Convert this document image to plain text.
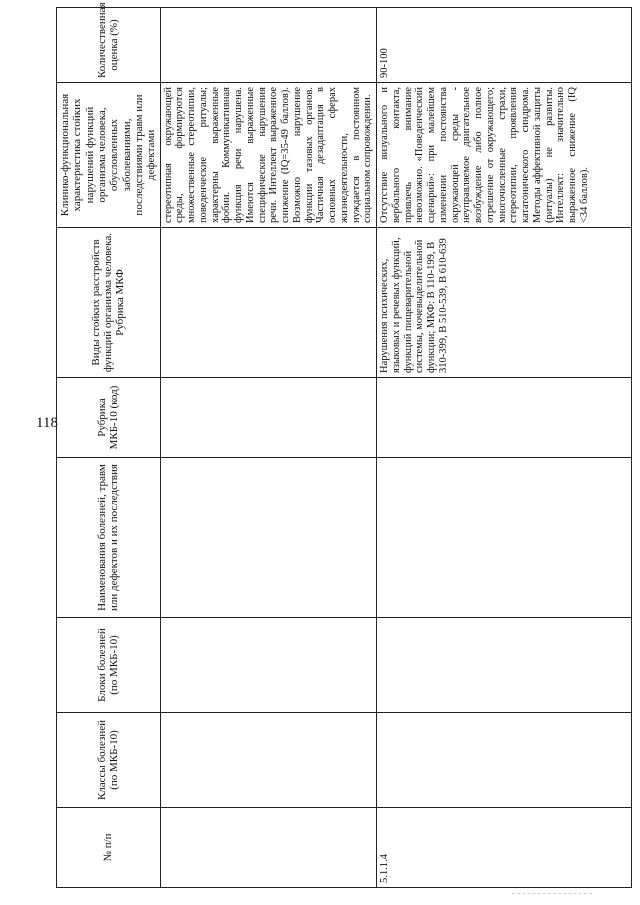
118
№ п/п	Классы болезней (по МКБ-10)	Блоки болезней (по МКБ-10)	Наименования болезней, травм или дефектов и их последствия	Рубрика МКБ-10 (код)	Виды стойких расстройств функций организма человека. Рубрика МКФ	Клинико-функциональная характеристика стойких нарушений функций организма человека, обусловленных заболеваниями, последствиями травм или дефектами	Количественная оценка (%)
						стереотипная окружающей среды, формируются множественные стереотипии, поведенческие ритуалы; характерны выраженные фобии. Коммуникативная функция речи нарушена. Имеются выраженные специфические нарушения речи. Интеллект выраженное снижение (IQ=35-49 баллов). Возможно нарушение функции тазовых органов. Частичная дезадаптация в основных сферах жизнедеятельности, нуждается в постоянном социальном сопровождении.	
5.1.1.4					Нарушения психических, языковых и речевых функций, функций пищеварительной системы, мочевыделительной функции; МКФ: В 110-199, В 310-399, В 510-539, В 610-639	Отсутствие визуального и вербального контакта, привлечь внимание невозможно. «Поведенческий сценарий»: при малейшем изменении постоянства окружающей среды - неуправляемое двигательное возбуждение либо полное отрешение от окружающего; многочисленные страхи, стереотипии, проявления кататонического синдрома. Методы аффективной защиты (ритуалы) не развиты. Интеллект: значительно выраженное снижение (IQ <34 баллов).	90-100
